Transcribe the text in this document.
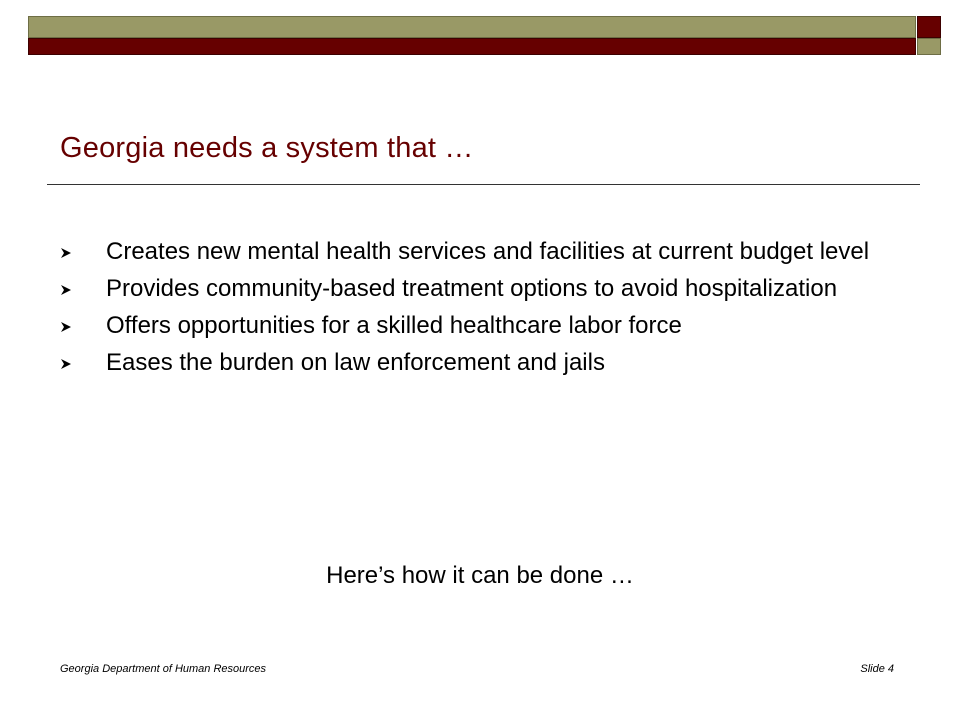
Georgia needs a system that …
Creates new mental health services and facilities at current budget level
Provides community-based treatment options to avoid hospitalization
Offers opportunities for a skilled healthcare labor force
Eases the burden on law enforcement and jails
Here’s how it can be done …
Georgia Department of Human Resources	Slide 4
